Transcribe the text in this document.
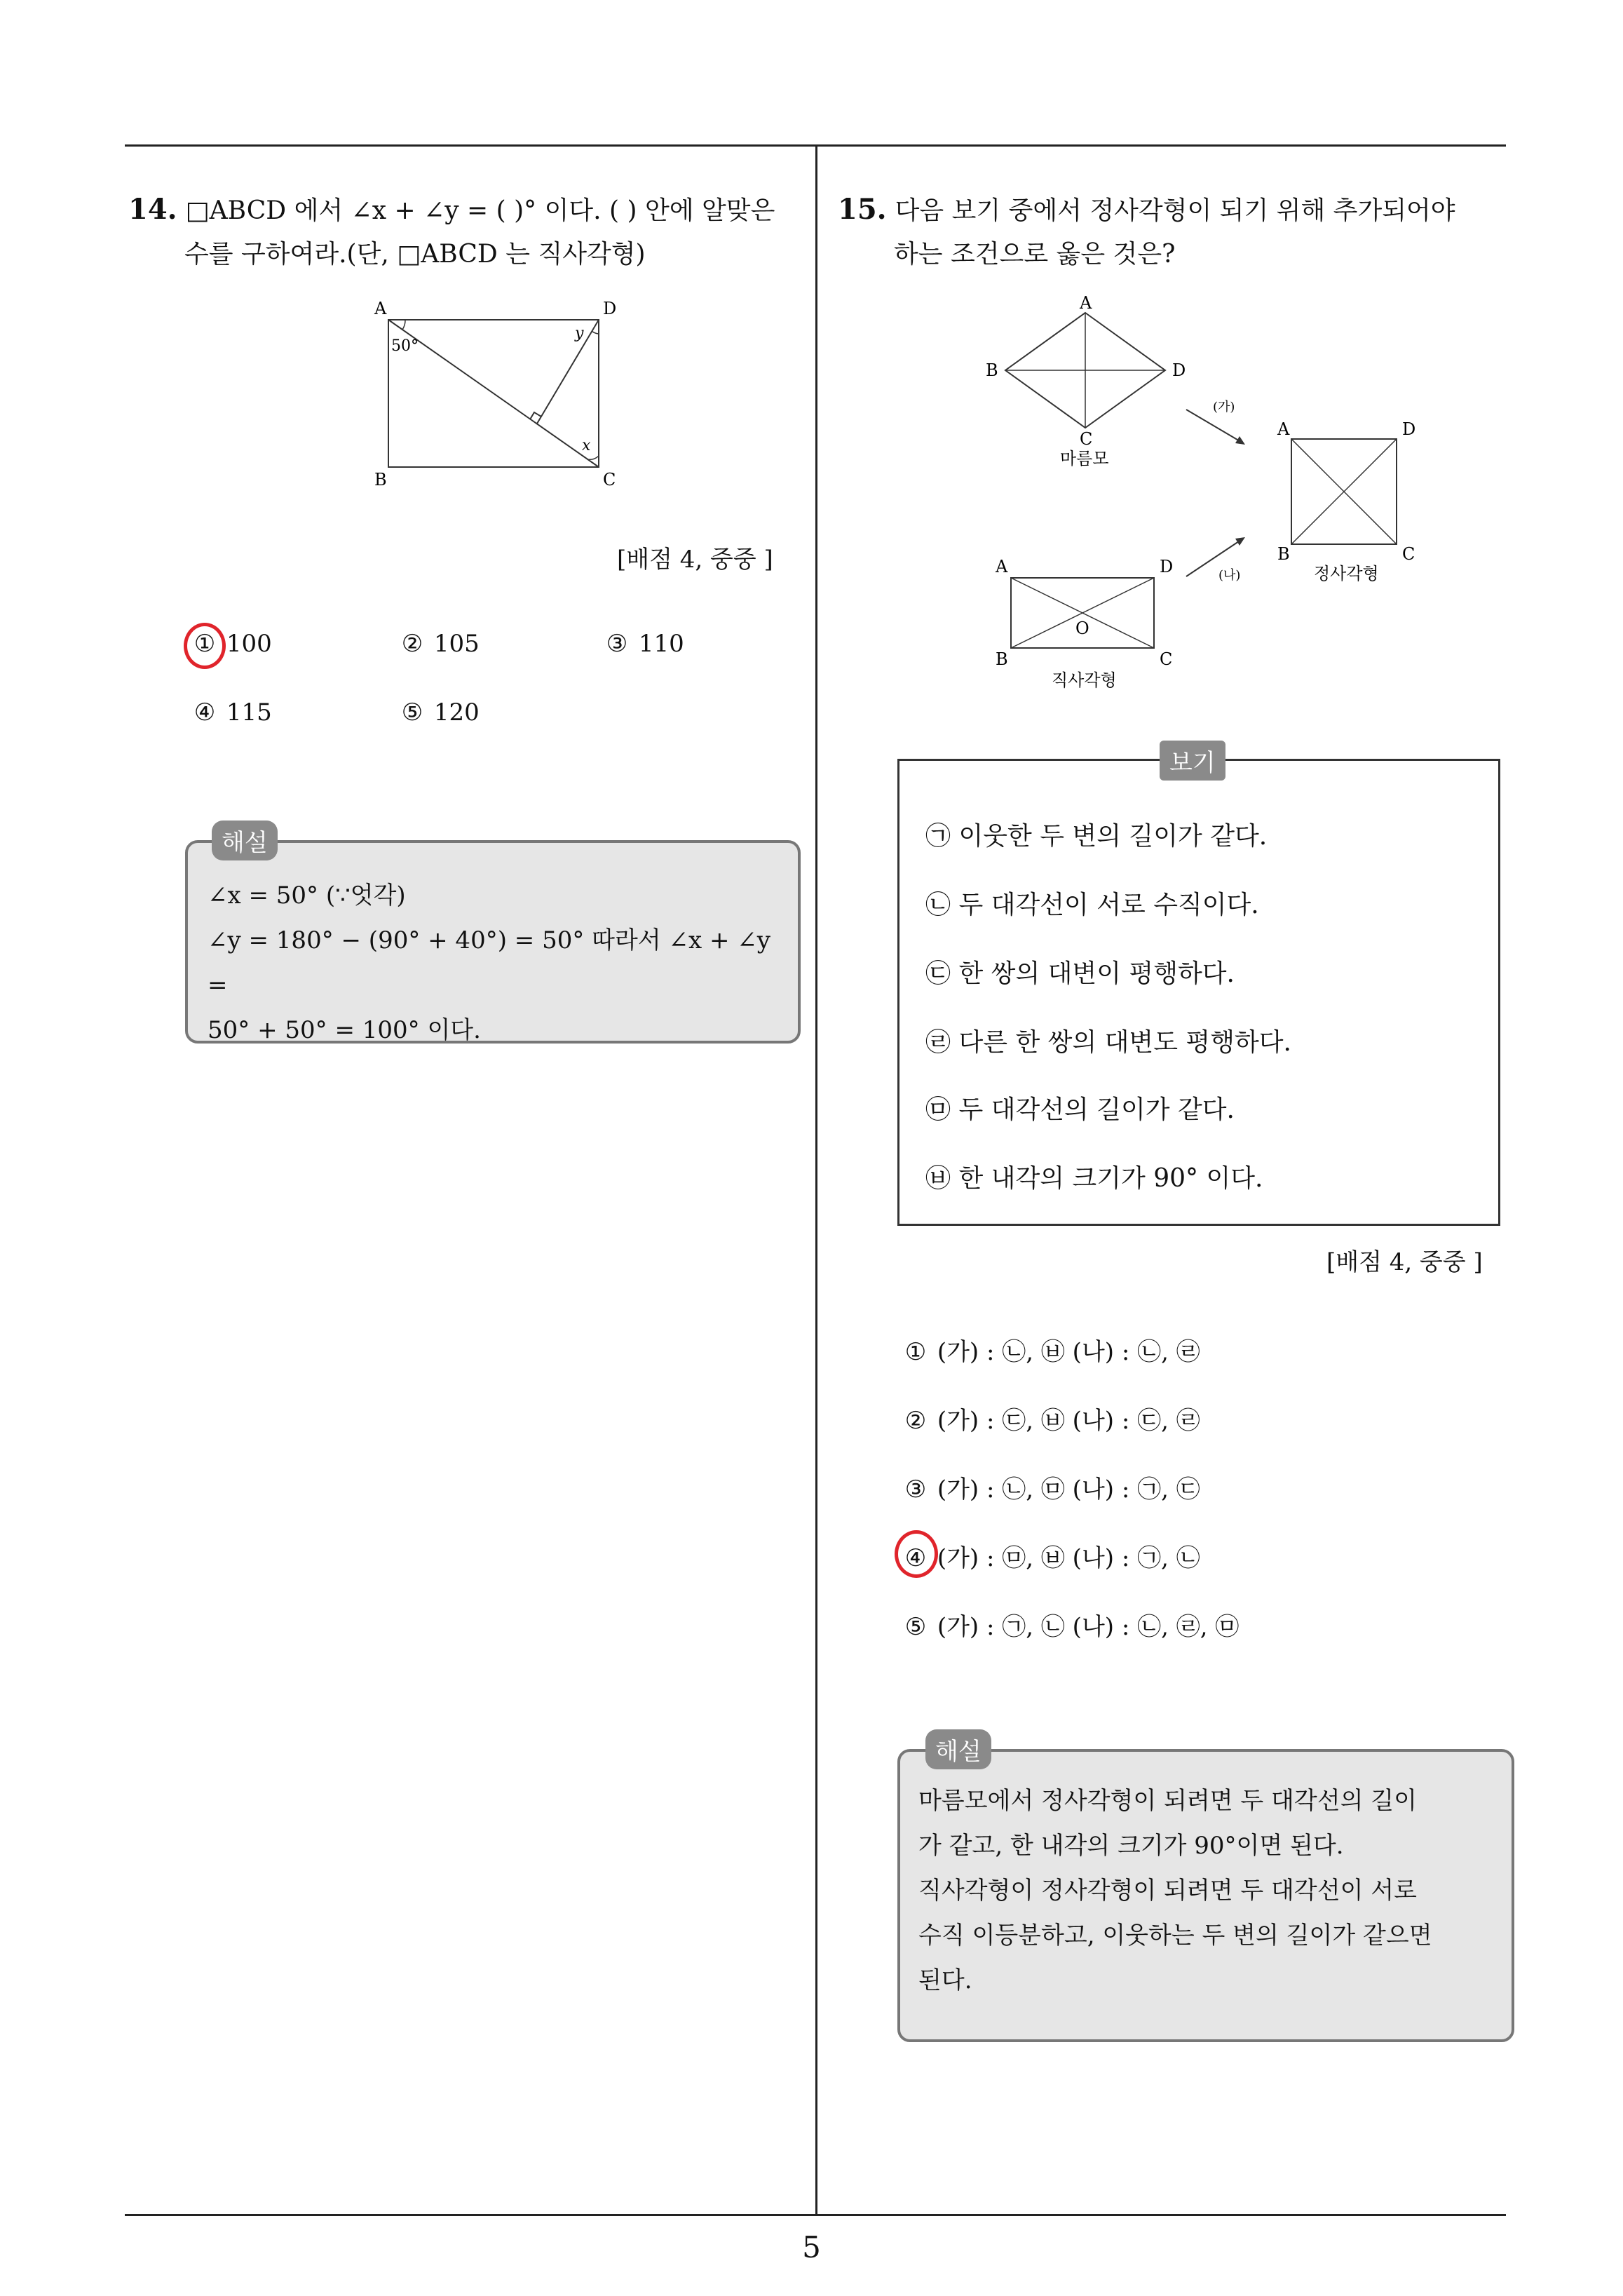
14. □ABCD 에서 ∠x + ∠y = ( )° 이다. ( ) 안에 알맞은
수를 구하여라.(단, □ABCD 는 직사각형)
A	D
B	C
50°
y
x
[배점 4, 중중 ]
① 100	② 105	③ 110
④ 115	⑤ 120
해설
∠x = 50° (∵엇각)
∠y = 180° − (90° + 40°) = 50° 따라서 ∠x + ∠y =
50° + 50° = 100° 이다.
15. 다음 보기 중에서 정사각형이 되기 위해 추가되어야
하는 조건으로 옳은 것은?
A
B	D
C
마름모
(가)
A	D
B	C
정사각형
(나)
A	D
O
B	C
직사각형
보기
㉠ 이웃한 두 변의 길이가 같다.
㉡ 두 대각선이 서로 수직이다.
㉢ 한 쌍의 대변이 평행하다.
㉣ 다른 한 쌍의 대변도 평행하다.
㉤ 두 대각선의 길이가 같다.
㉥ 한 내각의 크기가 90° 이다.
[배점 4, 중중 ]
① (가) : ㉡, ㉥ (나) : ㉡, ㉣
② (가) : ㉢, ㉥ (나) : ㉢, ㉣
③ (가) : ㉡, ㉤ (나) : ㉠, ㉢
④ (가) : ㉤, ㉥ (나) : ㉠, ㉡
⑤ (가) : ㉠, ㉡ (나) : ㉡, ㉣, ㉤
해설
마름모에서 정사각형이 되려면 두 대각선의 길이
가 같고, 한 내각의 크기가 90°이면 된다.
직사각형이 정사각형이 되려면 두 대각선이 서로
수직 이등분하고, 이웃하는 두 변의 길이가 같으면
된다.
5
